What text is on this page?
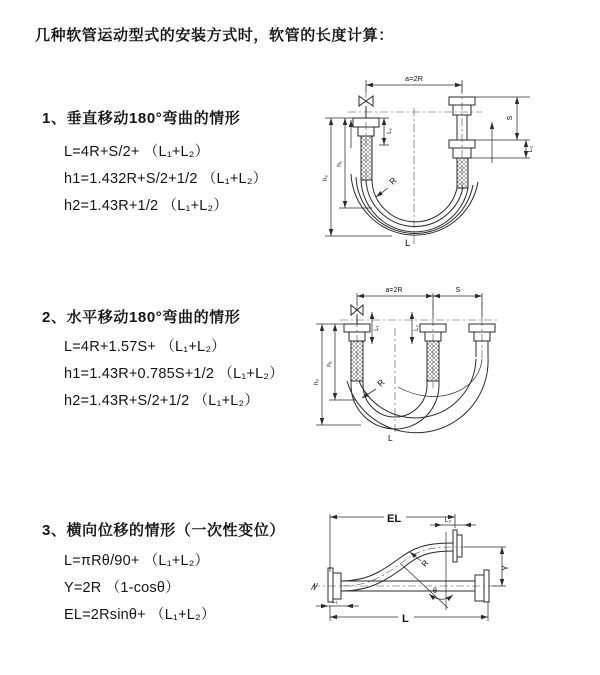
几种软管运动型式的安装方式时，软管的长度计算：
1、垂直移动180°弯曲的情形
L=4R+S/2+ （L₁+L₂）
h1=1.432R+S/2+1/2 （L₁+L₂）
h2=1.43R+1/2 （L₁+L₂）
2、水平移动180°弯曲的情形
L=4R+1.57S+ （L₁+L₂）
h1=1.43R+0.785S+1/2 （L₁+L₂）
h2=1.43R+S/2+1/2 （L₁+L₂）
3、横向位移的情形（一次性变位）
L=πRθ/90+ （L₁+L₂）
Y=2R （1-cosθ）
EL=2Rsinθ+ （L₁+L₂）
a=2R
L₁
S
L₂
h₁
h₂	R
L
a=2R	S
L₁	L₂
h₁
h₂	R
L
EL	L₂
Y
R
θ
L
L₁
